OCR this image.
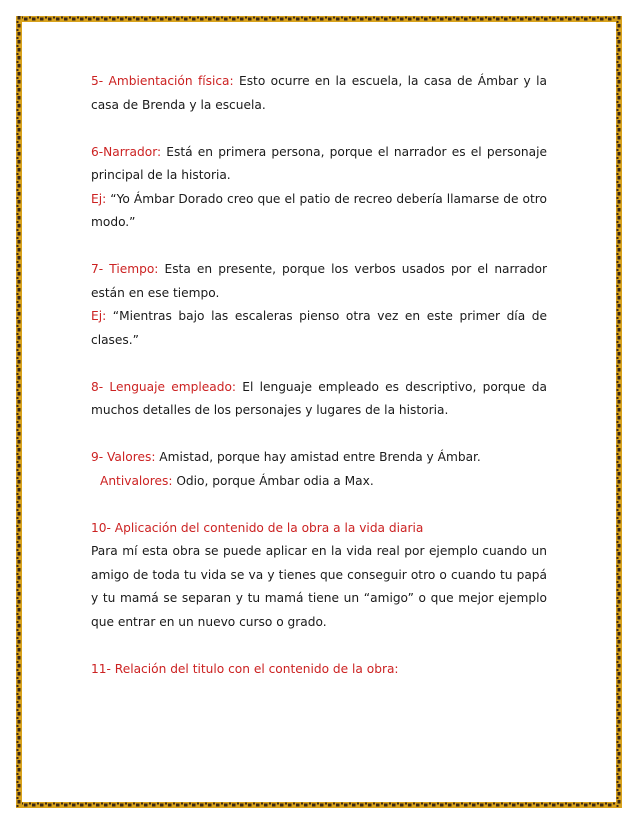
5- Ambientación física: Esto ocurre en la escuela, la casa de Ámbar y la casa de Brenda y la escuela.

6-Narrador: Está en primera persona, porque el narrador es el personaje principal de la historia.

Ej: “Yo Ámbar Dorado creo que el patio de recreo debería llamarse de otro modo.”

7- Tiempo: Esta en presente, porque los verbos usados por el narrador están en ese tiempo.

Ej: “Mientras bajo las escaleras pienso otra vez en este primer día de clases.”

8- Lenguaje empleado: El lenguaje empleado es descriptivo, porque da muchos detalles de los personajes y lugares de la historia.

9- Valores: Amistad, porque hay amistad entre Brenda y Ámbar.

Antivalores: Odio, porque Ámbar odia a Max.

10- Aplicación del contenido de la obra a la vida diaria

Para mí esta obra se puede aplicar en la vida real por ejemplo cuando un amigo de toda tu vida se va y tienes que conseguir otro o cuando tu papá y tu mamá se separan y tu mamá tiene un “amigo” o que mejor ejemplo que entrar en un nuevo curso o grado.

11- Relación del titulo con el contenido de la obra:
